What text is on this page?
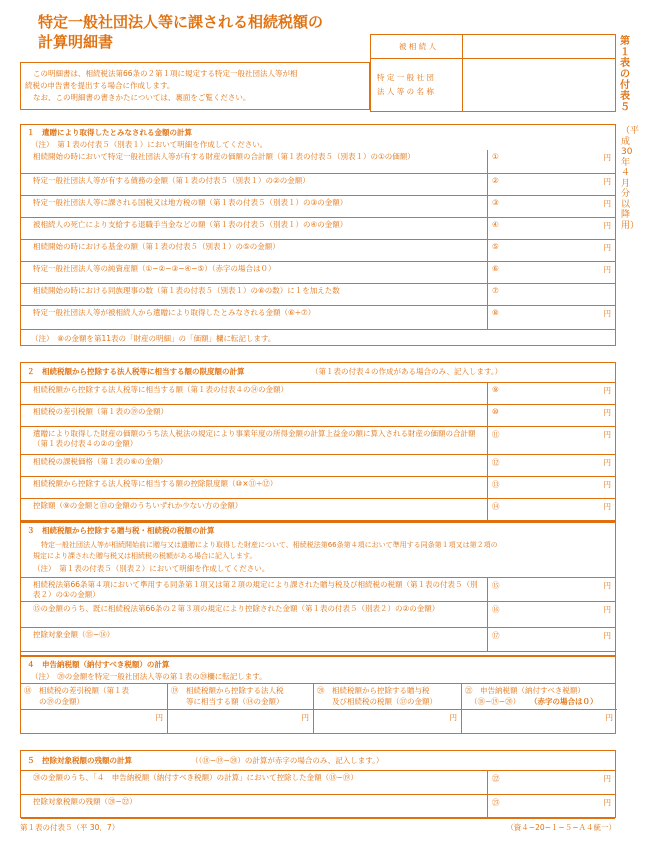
特定一般社団法人等に課される相続税額の
計算明細書	被 相 続 人
特 定 一 般 社 団
法 人 等 の 名 称
この明細書は、相続税法第66条の２第１項に規定する特定一般社団法人等が相
続税の申告書を提出する場合に作成します。
なお、この明細書の書きかたについては、裏面をご覧ください。
第１表の付表５
（平成30年４月分以降用）
１　遺贈により取得したとみなされる金額の計算
（注）　第１表の付表５（別表１）において明細を作成してください。
相続開始の時において特定一般社団法人等が有する財産の価額の合計額（第１表の付表５（別表１）の①の価額）	①	円
特定一般社団法人等が有する債務の金額（第１表の付表５（別表１）の②の金額）	②	円
特定一般社団法人等に課される国税又は地方税の額（第１表の付表５（別表１）の③の金額）	③	円
被相続人の死亡により支給する退職手当金などの額（第１表の付表５（別表１）の④の金額）	④	円
相続開始の時における基金の額（第１表の付表５（別表１）の⑤の金額）	⑤	円
特定一般社団法人等の純資産額（①−②−③−④−⑤）（赤字の場合は０）	⑥	円
相続開始の時における同族理事の数（第１表の付表５（別表１）の⑥の数）に１を加えた数	⑦
特定一般社団法人等が被相続人から遺贈により取得したとみなされる金額（⑥÷⑦）	⑧	円
（注）　⑧の金額を第11表の「財産の明細」の「価額」欄に転記します。
２　相続税額から控除する法人税等に相当する額の限度額の計算	（第１表の付表４の作成がある場合のみ、記入します。）
相続税額から控除する法人税等に相当する額（第１表の付表４の⑭の金額）	⑨	円
相続税の差引税額（第１表の⑲の金額）	⑩	円
遺贈により取得した財産の価額のうち法人税法の規定により事業年度の所得金額の計算上益金の額に算入される財産の価額の合計額（第１表の付表４の②の金額）
⑪	円
相続税の課税価格（第１表の⑥の金額）	⑫	円
相続税額から控除する法人税等に相当する額の控除限度額（⑩×⑪÷⑫）	⑬	円
控除額（⑨の金額と⑬の金額のうちいずれか少ない方の金額）	⑭	円
３　相続税額から控除する贈与税・相続税の税額の計算
特定一般社団法人等が相続開始前に贈与又は遺贈により取得した財産について、相続税法第66条第４項において準用する同条第１項又は第２項の
規定により課された贈与税又は相続税の税額がある場合に記入します。
（注）　第１表の付表５（別表２）において明細を作成してください。
相続税法第66条第４項において準用する同条第１項又は第２項の規定により課された贈与税及び相続税の税額（第１表の付表５（別表２）の①の金額）
⑮	円
⑮の金額のうち、既に相続税法第66条の２第３項の規定により控除された金額（第１表の付表５（別表２）の②の金額）	⑯	円
控除対象金額（⑮−⑯）	⑰	円
４　申告納税額（納付すべき税額）の計算
（注）　⑳の金額を特定一般社団法人等の第１表の⑳欄に転記します。
⑱ 相続税の差引税額（第１表
の⑲の金額）
円
⑲ 相続税額から控除する法人税
等に相当する額（⑭の金額）
円
⑳ 相続税額から控除する贈与税
及び相続税の税額（⑰の金額）
円
㉑ 申告納税額（納付すべき税額）
（⑱−⑲−⑳） （赤字の場合は０）
円
５　控除対象税額の残額の計算	（（⑱−⑲−⑳）の計算が赤字の場合のみ、記入します。）
⑳の金額のうち、「４　申告納税額（納付すべき税額）の計算」において控除した金額（⑱−⑲）	㉒	円
控除対象税額の残額（⑳−㉒）	㉓	円
第１表の付表５（平 30．7）	（資４−20−１−５−Ａ４統一）
